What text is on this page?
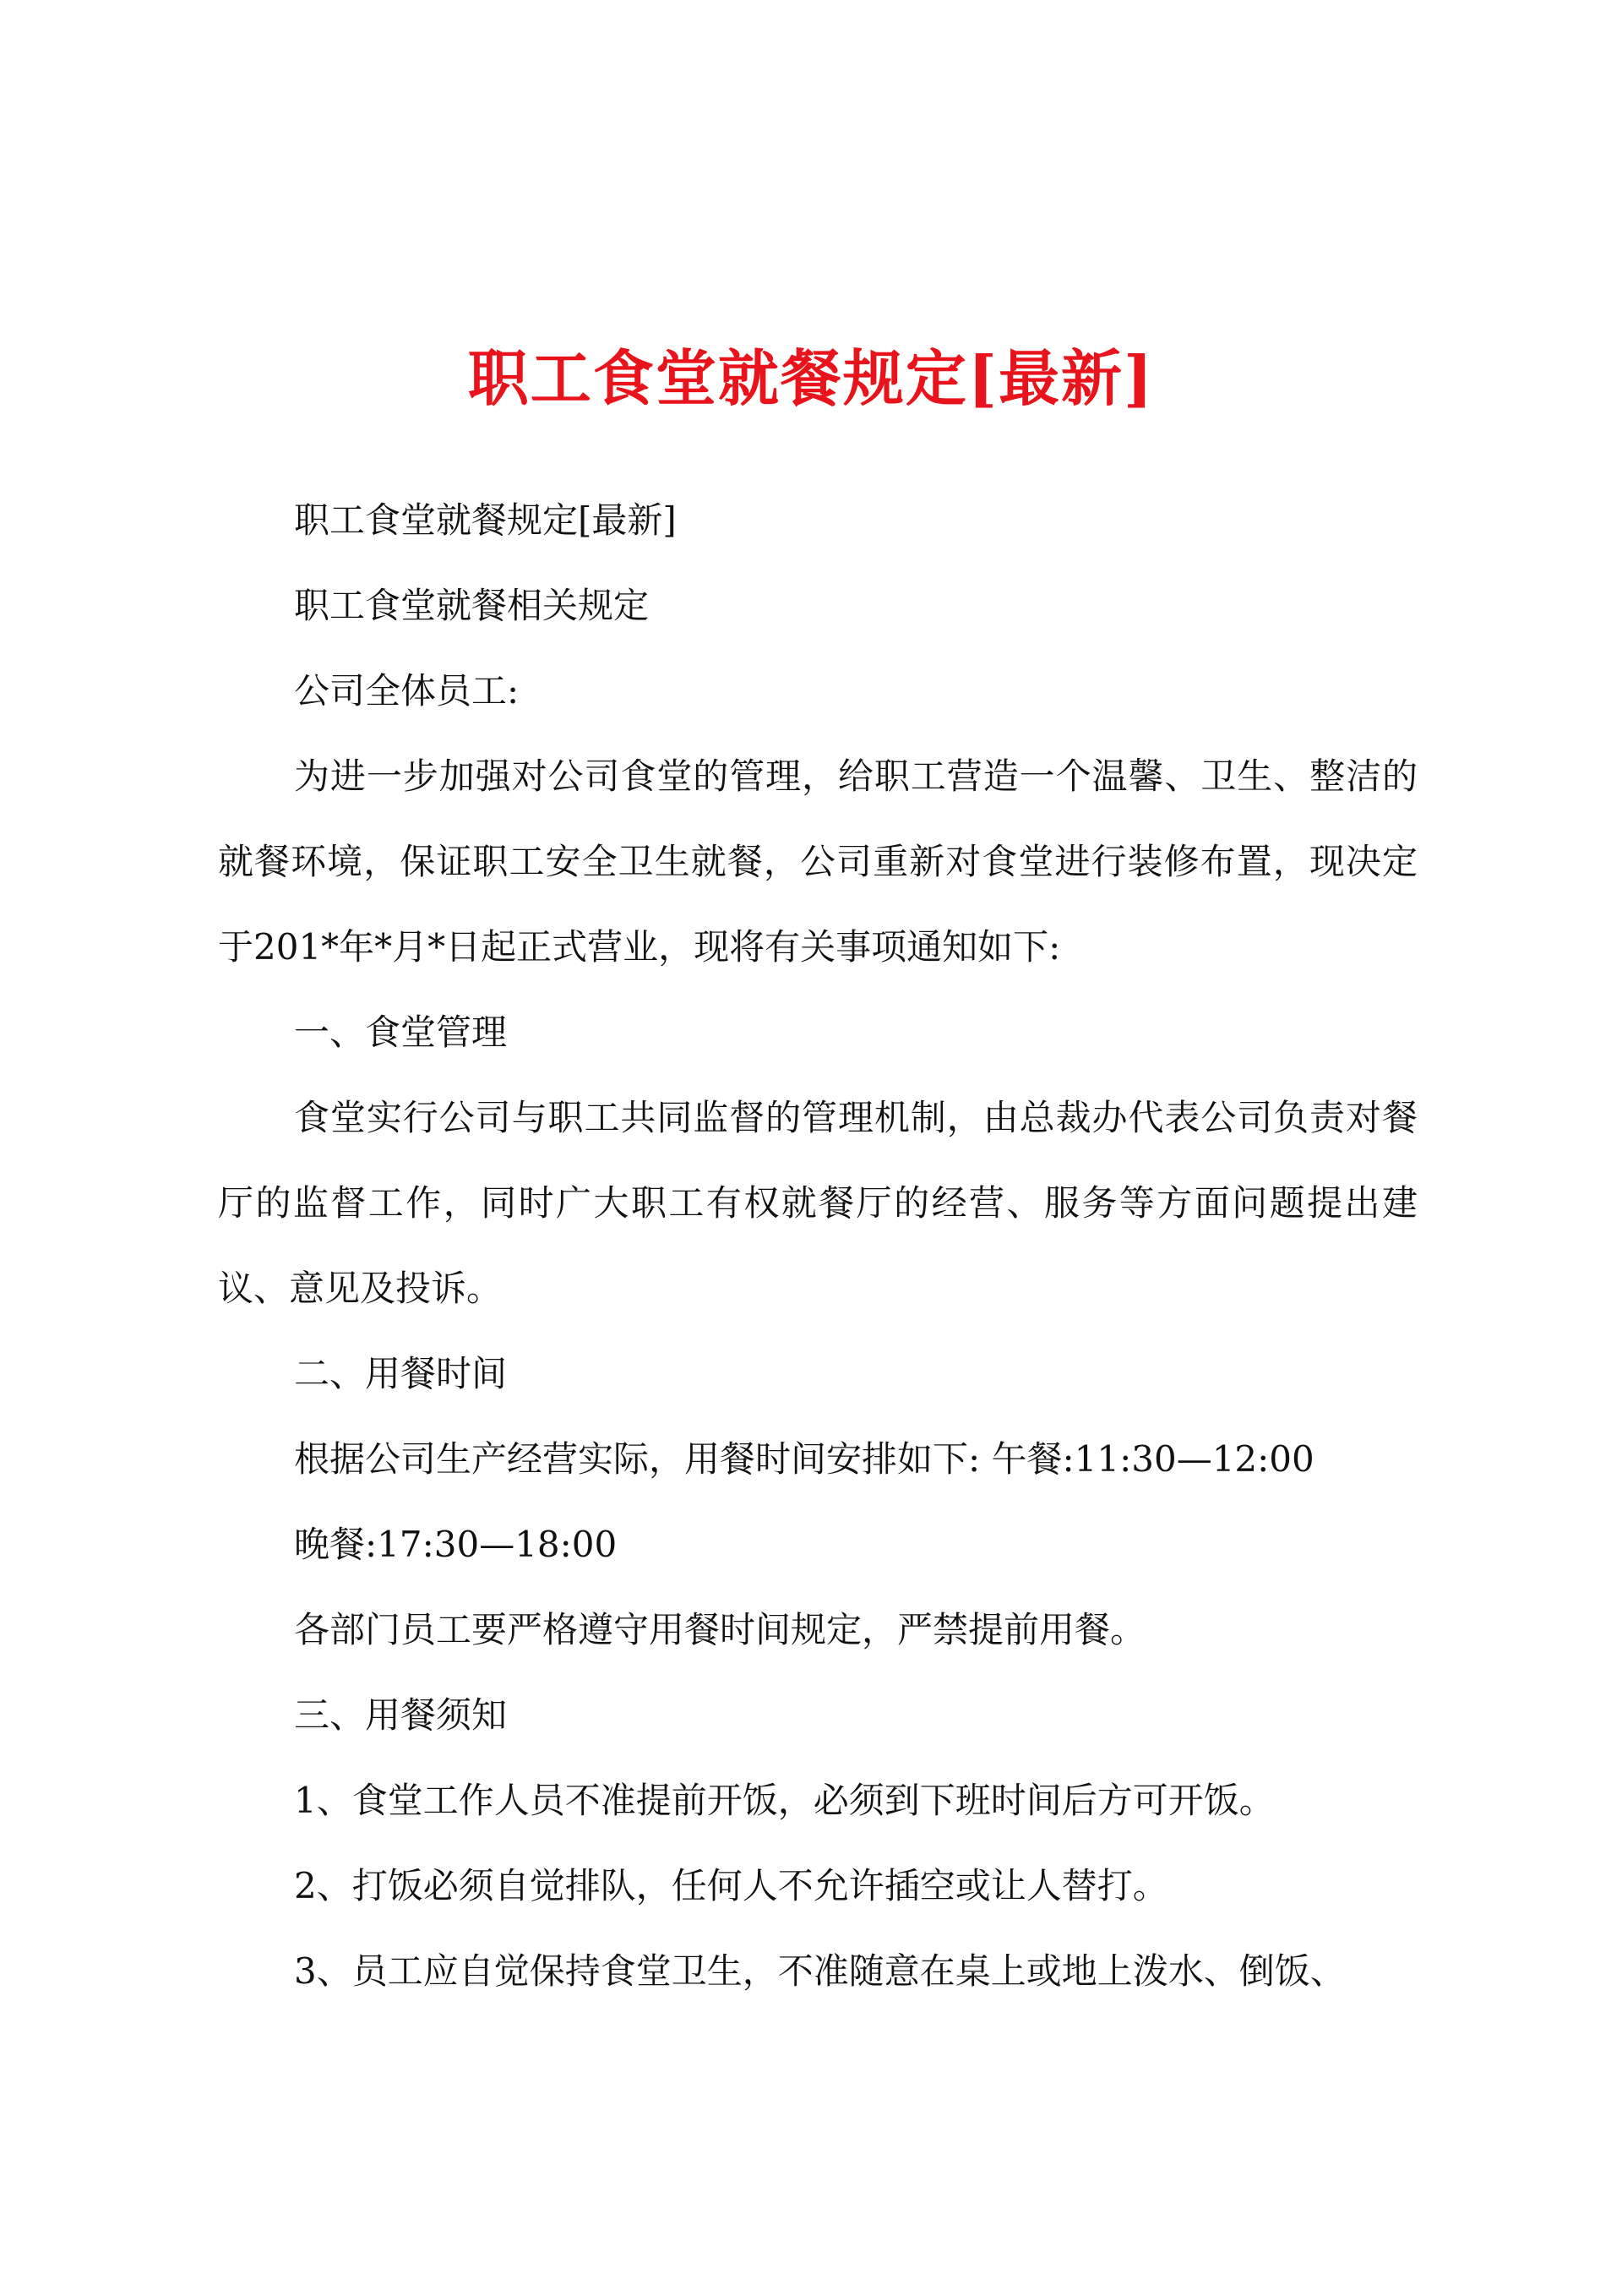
职工食堂就餐规定[最新]

职工食堂就餐规定[最新]

职工食堂就餐相关规定

公司全体员工:

为进一步加强对公司食堂的管理，给职工营造一个温馨、卫生、整洁的就餐环境，保证职工安全卫生就餐，公司重新对食堂进行装修布置，现决定于201*年*月*日起正式营业，现将有关事项通知如下:

一、食堂管理

食堂实行公司与职工共同监督的管理机制，由总裁办代表公司负责对餐厅的监督工作，同时广大职工有权就餐厅的经营、服务等方面问题提出建议、意见及投诉。

二、用餐时间

根据公司生产经营实际，用餐时间安排如下: 午餐:11:30—12:00

晚餐:17:30—18:00

各部门员工要严格遵守用餐时间规定，严禁提前用餐。

三、用餐须知

1、食堂工作人员不准提前开饭，必须到下班时间后方可开饭。

2、打饭必须自觉排队，任何人不允许插空或让人替打。

3、员工应自觉保持食堂卫生，不准随意在桌上或地上泼水、倒饭、
